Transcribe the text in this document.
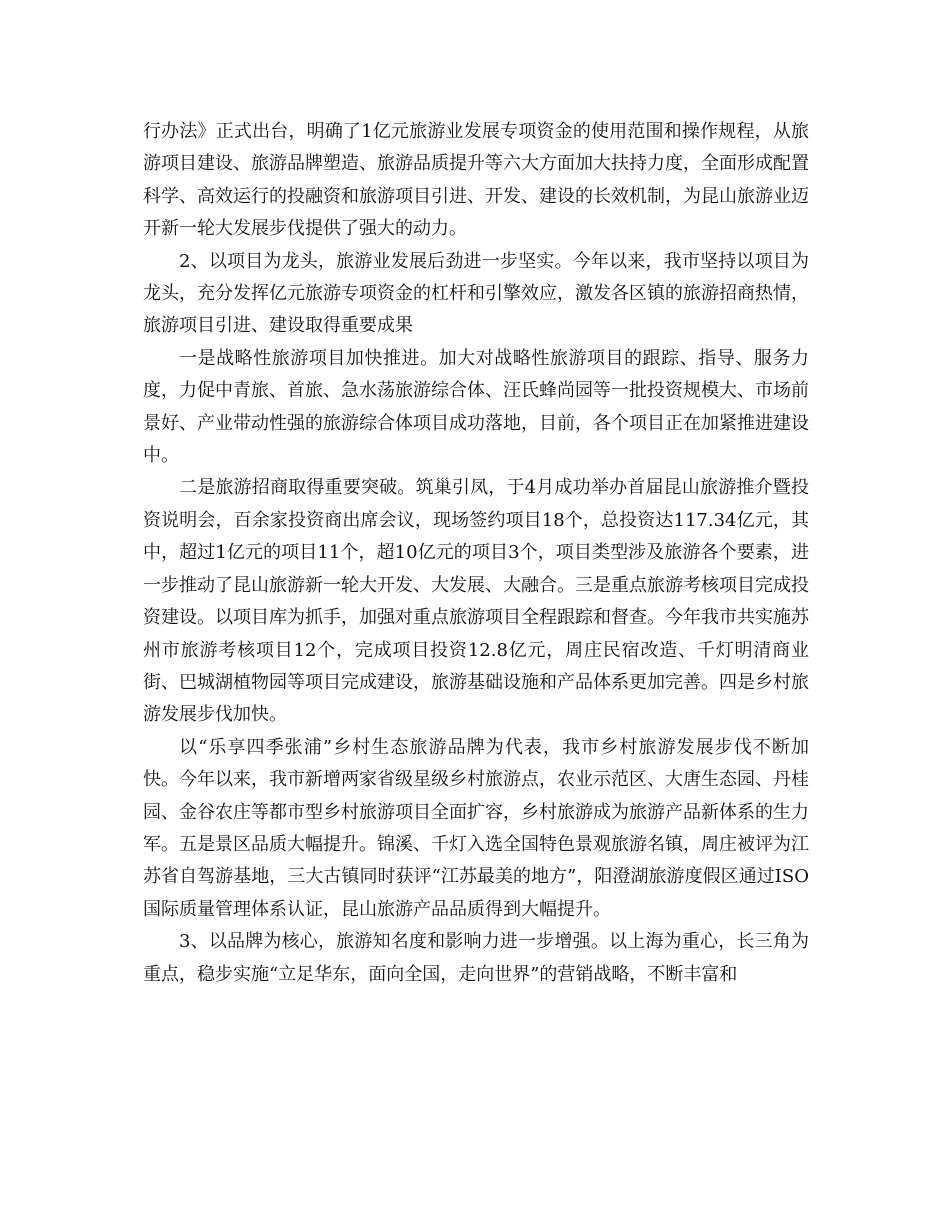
行办法》正式出台，明确了1亿元旅游业发展专项资金的使用范围和操作规程，从旅游项目建设、旅游品牌塑造、旅游品质提升等六大方面加大扶持力度，全面形成配置科学、高效运行的投融资和旅游项目引进、开发、建设的长效机制，为昆山旅游业迈开新一轮大发展步伐提供了强大的动力。

2、以项目为龙头，旅游业发展后劲进一步坚实。今年以来，我市坚持以项目为龙头，充分发挥亿元旅游专项资金的杠杆和引擎效应，激发各区镇的旅游招商热情，旅游项目引进、建设取得重要成果

一是战略性旅游项目加快推进。加大对战略性旅游项目的跟踪、指导、服务力度，力促中青旅、首旅、急水荡旅游综合体、汪氏蜂尚园等一批投资规模大、市场前景好、产业带动性强的旅游综合体项目成功落地，目前，各个项目正在加紧推进建设中。

二是旅游招商取得重要突破。筑巢引凤，于4月成功举办首届昆山旅游推介暨投资说明会，百余家投资商出席会议，现场签约项目18个，总投资达117.34亿元，其中，超过1亿元的项目11个，超10亿元的项目3个，项目类型涉及旅游各个要素，进一步推动了昆山旅游新一轮大开发、大发展、大融合。三是重点旅游考核项目完成投资建设。以项目库为抓手，加强对重点旅游项目全程跟踪和督查。今年我市共实施苏州市旅游考核项目12个，完成项目投资12.8亿元，周庄民宿改造、千灯明清商业街、巴城湖植物园等项目完成建设，旅游基础设施和产品体系更加完善。四是乡村旅游发展步伐加快。

以“乐享四季张浦”乡村生态旅游品牌为代表，我市乡村旅游发展步伐不断加快。今年以来，我市新增两家省级星级乡村旅游点，农业示范区、大唐生态园、丹桂园、金谷农庄等都市型乡村旅游项目全面扩容，乡村旅游成为旅游产品新体系的生力军。五是景区品质大幅提升。锦溪、千灯入选全国特色景观旅游名镇，周庄被评为江苏省自驾游基地，三大古镇同时获评“江苏最美的地方”，阳澄湖旅游度假区通过ISO国际质量管理体系认证，昆山旅游产品品质得到大幅提升。

3、以品牌为核心，旅游知名度和影响力进一步增强。以上海为重心，长三角为重点，稳步实施“立足华东，面向全国，走向世界”的营销战略，不断丰富和
